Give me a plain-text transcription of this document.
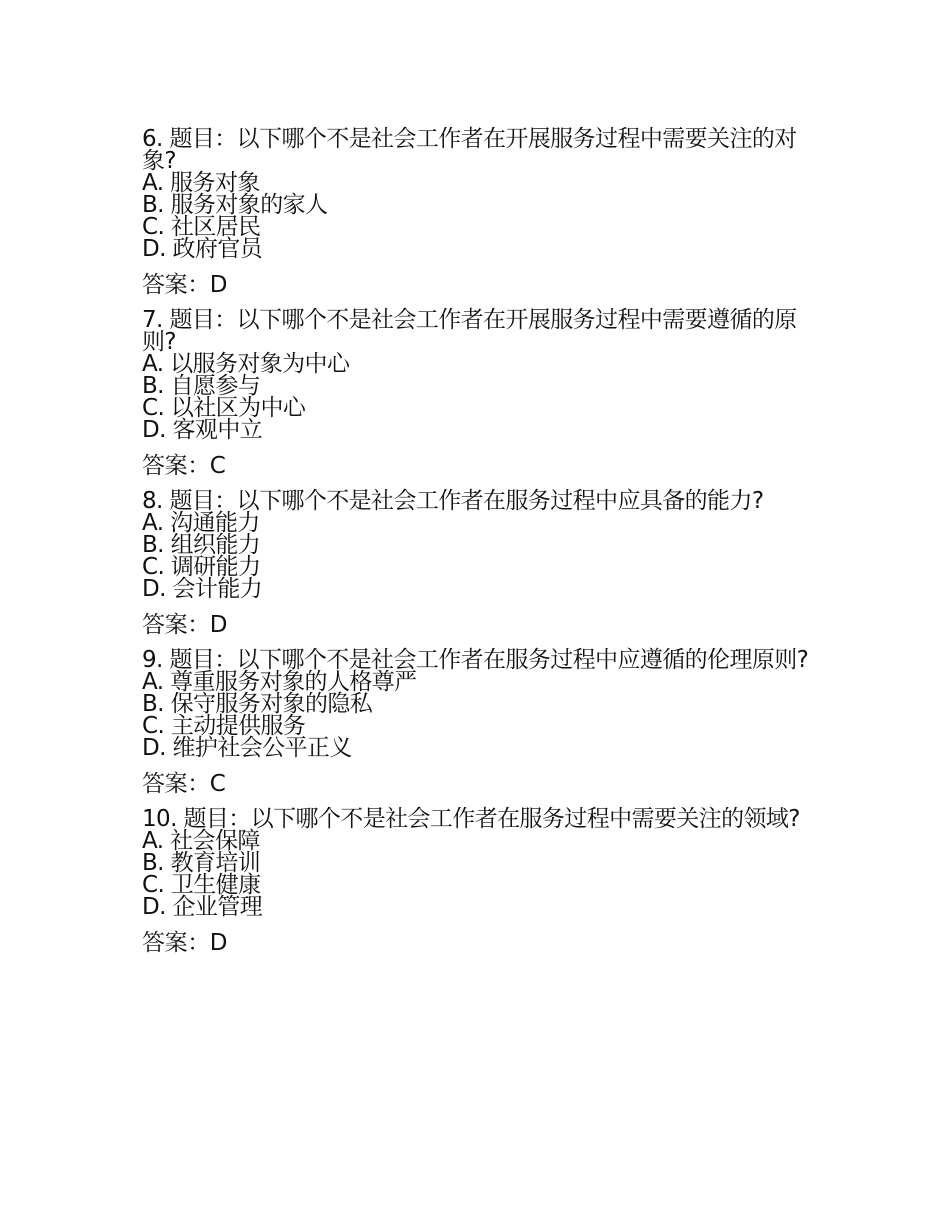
6. 题目：以下哪个不是社会工作者在开展服务过程中需要关注的对象?

A. 服务对象
B. 服务对象的家人
C. 社区居民
D. 政府官员

答案：D

7. 题目：以下哪个不是社会工作者在开展服务过程中需要遵循的原则?

A. 以服务对象为中心
B. 自愿参与
C. 以社区为中心
D. 客观中立

答案：C

8. 题目：以下哪个不是社会工作者在服务过程中应具备的能力?

A. 沟通能力
B. 组织能力
C. 调研能力
D. 会计能力

答案：D

9. 题目：以下哪个不是社会工作者在服务过程中应遵循的伦理原则?

A. 尊重服务对象的人格尊严
B. 保守服务对象的隐私
C. 主动提供服务
D. 维护社会公平正义

答案：C

10. 题目：以下哪个不是社会工作者在服务过程中需要关注的领域?

A. 社会保障
B. 教育培训
C. 卫生健康
D. 企业管理

答案：D
